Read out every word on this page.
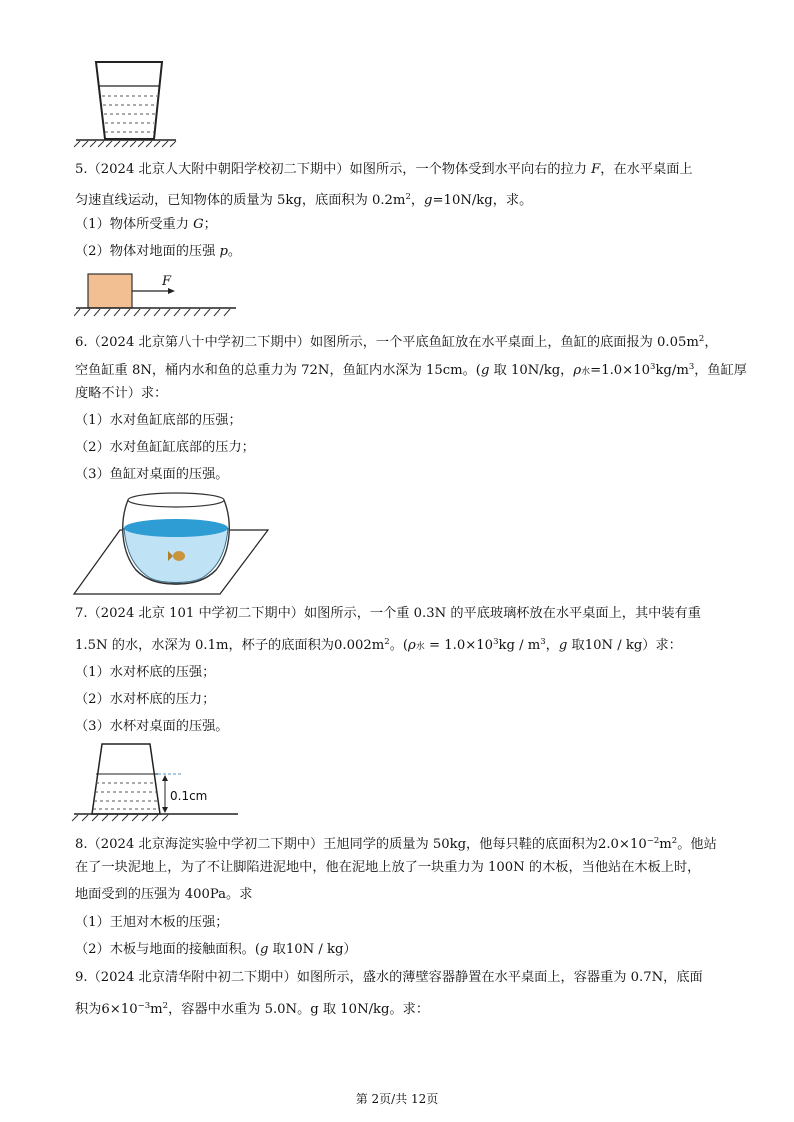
5.（2024 北京人大附中朝阳学校初二下期中）如图所示，一个物体受到水平向右的拉力 F，在水平桌面上
匀速直线运动，已知物体的质量为 5kg，底面积为 $0.2m^2$，g=10N/kg，求。
（1）物体所受重力 G；
（2）物体对地面的压强 p。
F
6.（2024 北京第八十中学初二下期中）如图所示，一个平底鱼缸放在水平桌面上，鱼缸的底面报为 $0.05m^2$，
空鱼缸重 8N，桶内水和鱼的总重力为 72N，鱼缸内水深为 15cm。(g 取 10N/kg，ρ水$=1.0\times 10^3kg/m^3$，鱼缸厚
度略不计）求：
（1）水对鱼缸底部的压强；
（2）水对鱼缸缸底部的压力；
（3）鱼缸对桌面的压强。
7.（2024 北京 101 中学初二下期中）如图所示，一个重 0.3N 的平底玻璃杯放在水平桌面上，其中装有重
1.5N 的水，水深为 0.1m，杯子的底面积为$0.002m^2$。(ρ水 = $1.0\times 10^3kg / m^3$，g 取10N / kg）求：
（1）水对杯底的压强；
（2）水对杯底的压力；
（3）水杯对桌面的压强。
0.1cm
8.（2024 北京海淀实验中学初二下期中）王旭同学的质量为 50kg，他每只鞋的底面积为$2.0\times 10^{-2}m^2$。他站
在了一块泥地上，为了不让脚陷进泥地中，他在泥地上放了一块重力为 100N 的木板，当他站在木板上时，
地面受到的压强为 400Pa。求
（1）王旭对木板的压强；
（2）木板与地面的接触面积。(g 取10N / kg）
9.（2024 北京清华附中初二下期中）如图所示，盛水的薄壁容器静置在水平桌面上，容器重为 0.7N，底面
积为$6\times 10^{-3}m^2$，容器中水重为 5.0N。g 取 10N/kg。求：
第 2页/共 12页
